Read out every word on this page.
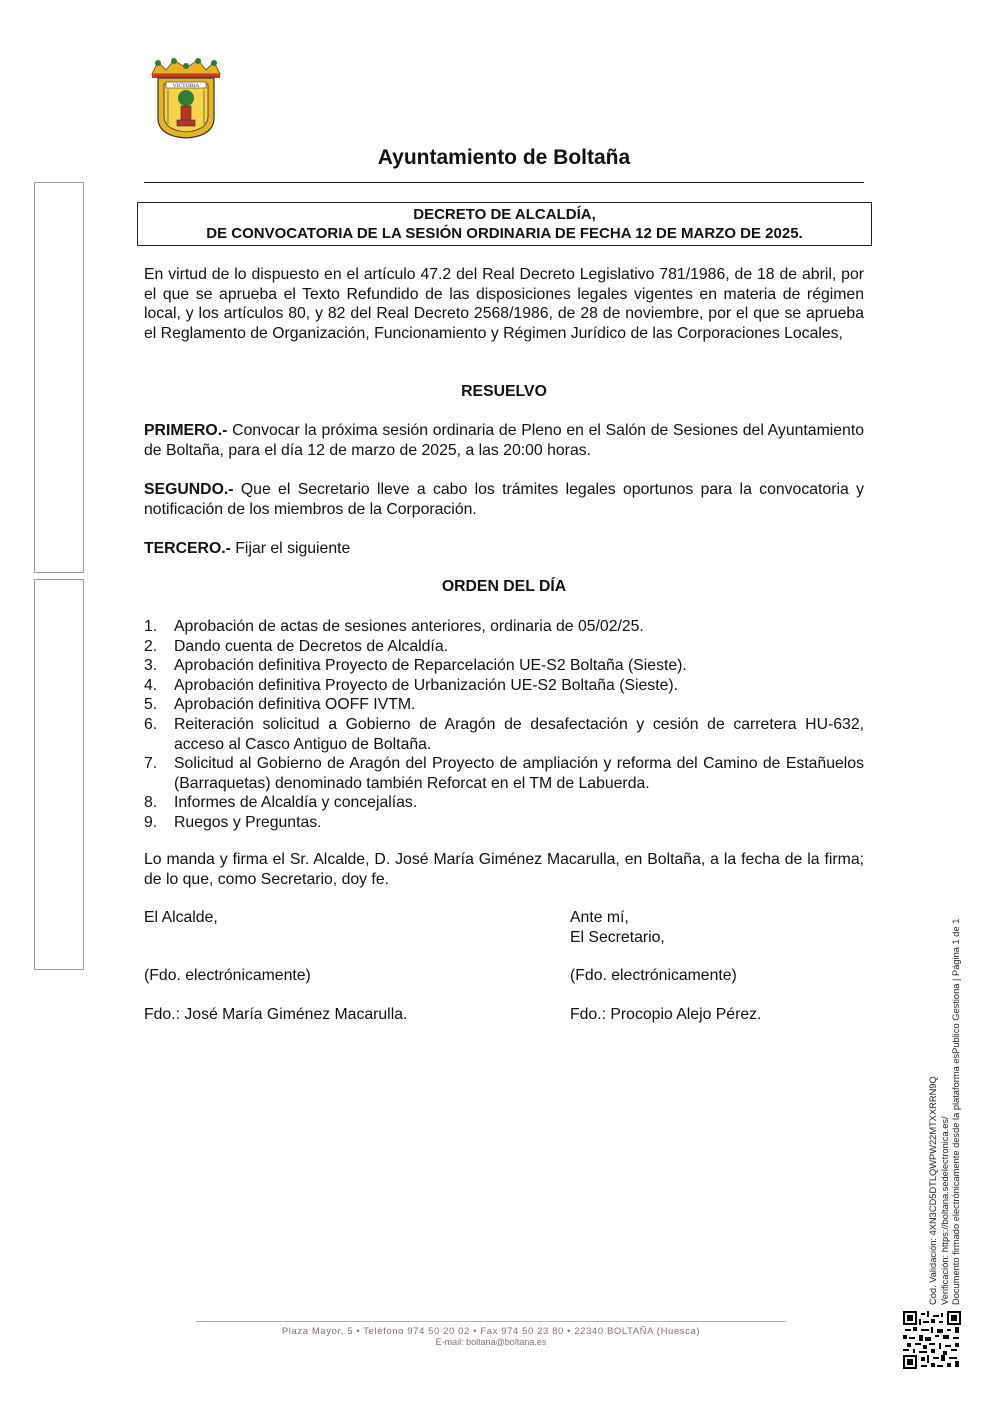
VICTORIA
Ayuntamiento de Boltaña
DECRETO DE ALCALDÍA,
DE CONVOCATORIA DE LA SESIÓN ORDINARIA DE FECHA 12 DE MARZO DE 2025.
En virtud de lo dispuesto en el artículo 47.2 del Real Decreto Legislativo 781/1986, de 18 de abril, por el que se aprueba el Texto Refundido de las disposiciones legales vigentes en materia de régimen local, y los artículos 80, y 82 del Real Decreto 2568/1986, de 28 de noviembre, por el que se aprueba el Reglamento de Organización, Funcionamiento y Régimen Jurídico de las Corporaciones Locales,
RESUELVO
PRIMERO.- Convocar la próxima sesión ordinaria de Pleno en el Salón de Sesiones del Ayuntamiento de Boltaña, para el día 12 de marzo de 2025, a las 20:00 horas.
SEGUNDO.- Que el Secretario lleve a cabo los trámites legales oportunos para la convocatoria y notificación de los miembros de la Corporación.
TERCERO.- Fijar el siguiente
ORDEN DEL DÍA
1.	Aprobación de actas de sesiones anteriores, ordinaria de 05/02/25.
2.	Dando cuenta de Decretos de Alcaldía.
3.	Aprobación definitiva Proyecto de Reparcelación UE-S2 Boltaña (Sieste).
4.	Aprobación definitiva Proyecto de Urbanización UE-S2 Boltaña (Sieste).
5.	Aprobación definitiva OOFF IVTM.
6.	Reiteración solicitud a Gobierno de Aragón de desafectación y cesión de carretera HU-632, acceso al Casco Antiguo de Boltaña.
7.	Solicitud al Gobierno de Aragón del Proyecto de ampliación y reforma del Camino de Estañuelos (Barraquetas) denominado también Reforcat en el TM de Labuerda.
8.	Informes de Alcaldía y concejalías.
9.	Ruegos y Preguntas.
Lo manda y firma el Sr. Alcalde, D. José María Giménez Macarulla, en Boltaña, a la fecha de la firma; de lo que, como Secretario, doy fe.
El Alcalde,	Ante mí,
El Secretario,
(Fdo. electrónicamente)	(Fdo. electrónicamente)
Fdo.: José María Giménez Macarulla.	Fdo.: Procopio Alejo Pérez.
Cód. Validación: 4XN3CD5DTLQWPW22MTXXRRN9Q Verificación: https://boltana.sedelectronica.es/ Documento firmado electrónicamente desde la plataforma esPublico Gestiona | Página 1 de 1
Plaza Mayor, 5 • Teléfono 974 50 20 02 • Fax 974 50 23 80 • 22340 BOLTAÑA (Huesca)
E-mail: boltana@boltana.es
